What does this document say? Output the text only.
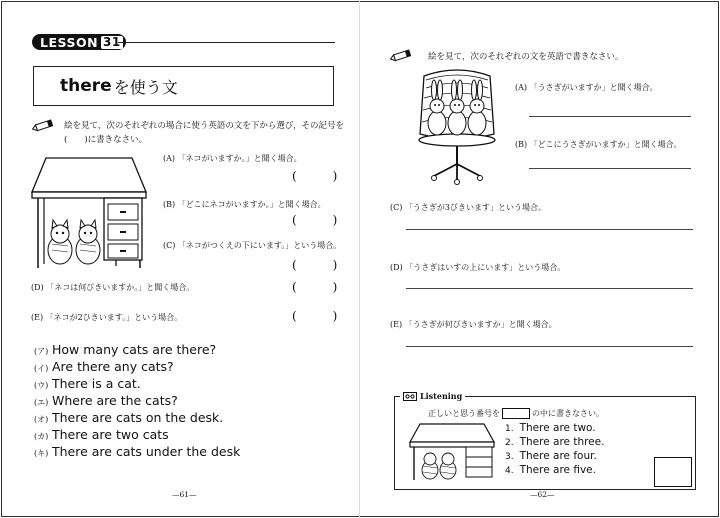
LESSON 31
there を使う文
絵を見て，次のそれぞれの場合に使う英語の文を下から選び，その記号を
(　　)に書きなさい。
(A) 「ネコがいますか。」と聞く場合。
(　　　)
(B) 「どこにネコがいますか。」と聞く場合。
(　　　)
(C) 「ネコがつくえの下にいます。」という場合。
(　　　)
(D) 「ネコは何びきいますか。」と聞く場合。	(　　　)
(E) 「ネコが2ひきいます。」という場合。	(　　　)
(ア) How many cats are there?
(イ) Are there any cats?
(ウ) There is a cat.
(エ) Where are the cats?
(オ) There are cats on the desk.
(カ) There are two cats
(キ) There are cats under the desk
—61—
絵を見て，次のそれぞれの文を英語で書きなさい。
(A) 「うさぎがいますか」と聞く場合。
(B) 「どこにうさぎがいますか」と聞く場合。
(C) 「うさぎが3びきいます」という場合。
(D) 「うさぎはいすの上にいます」という場合。
(E) 「うさぎが何びきいますか」と聞く場合。
Listening
正しいと思う番号を	の中に書きなさい。
1. There are two.
2. There are three.
3. There are four.
4. There are five.
—62—
